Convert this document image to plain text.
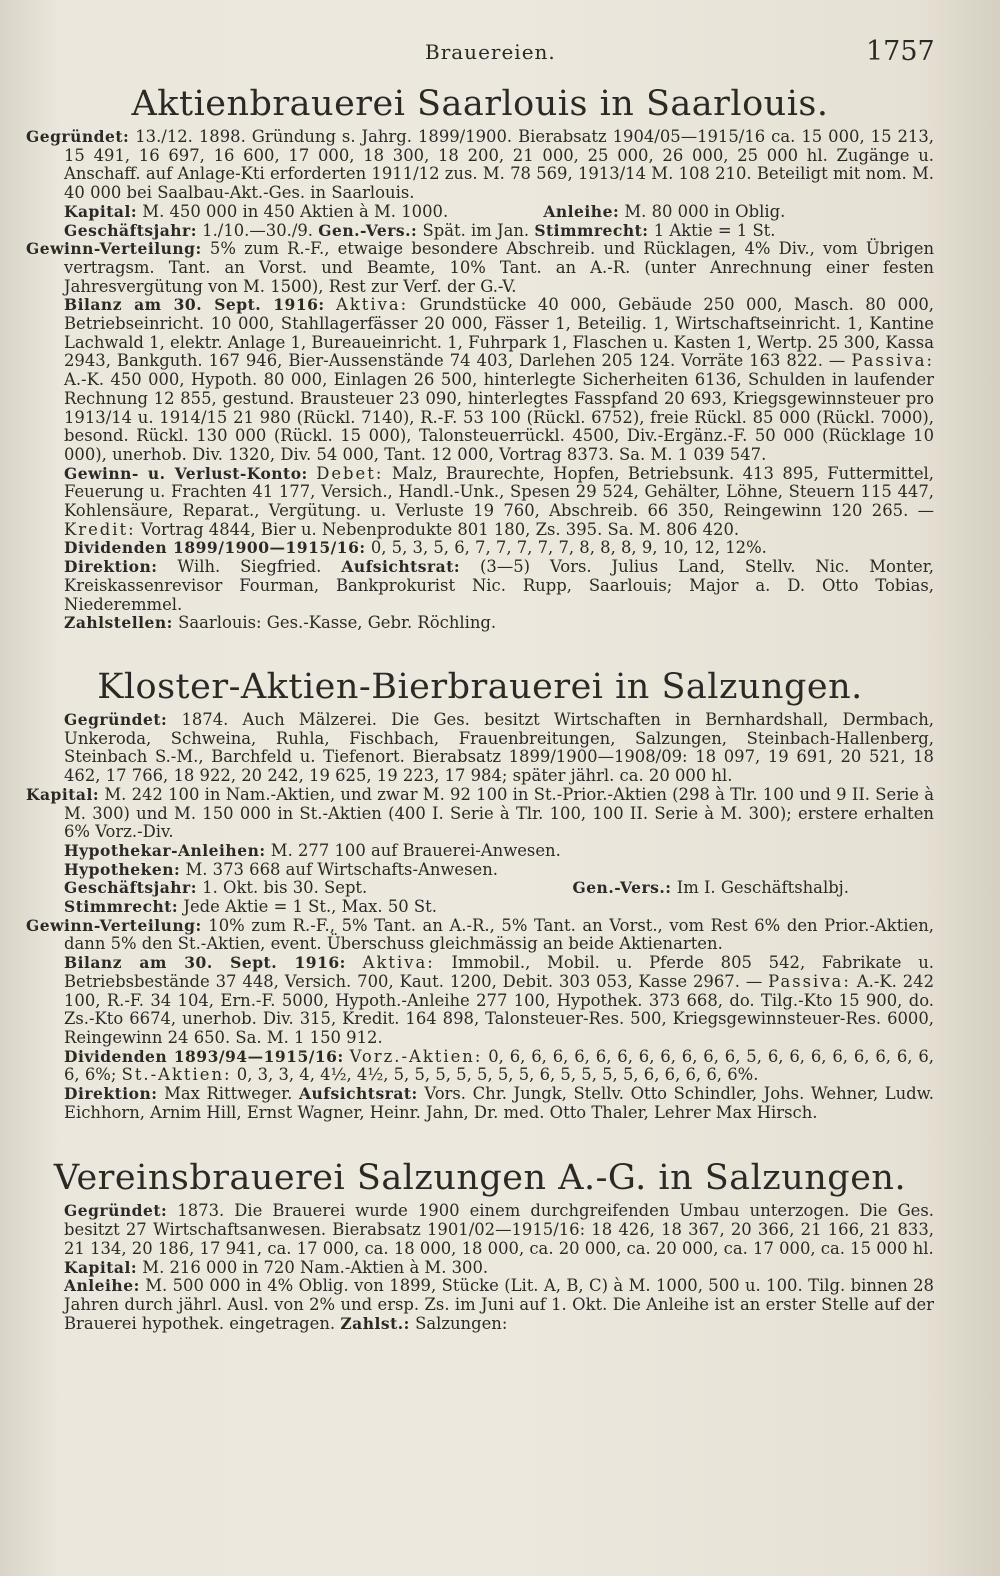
Brauereien.	1757
Aktienbrauerei Saarlouis in Saarlouis.

Gegründet: 13./12. 1898. Gründung s. Jahrg. 1899/1900. Bierabsatz 1904/05—1915/16 ca. 15 000, 15 213, 15 491, 16 697, 16 600, 17 000, 18 300, 18 200, 21 000, 25 000, 26 000, 25 000 hl. Zugänge u. Anschaff. auf Anlage-Kti erforderten 1911/12 zus. M. 78 569, 1913/14 M. 108 210. Beteiligt mit nom. M. 40 000 bei Saalbau-Akt.-Ges. in Saarlouis.

Kapital: M. 450 000 in 450 Aktien à M. 1000.	Anleihe: M. 80 000 in Oblig.

Geschäftsjahr: 1./10.—30./9. Gen.-Vers.: Spät. im Jan. Stimmrecht: 1 Aktie = 1 St.

Gewinn-Verteilung: 5% zum R.-F., etwaige besondere Abschreib. und Rücklagen, 4% Div., vom Übrigen vertragsm. Tant. an Vorst. und Beamte, 10% Tant. an A.-R. (unter Anrechnung einer festen Jahresvergütung von M. 1500), Rest zur Verf. der G.-V.

Bilanz am 30. Sept. 1916: Aktiva: Grundstücke 40 000, Gebäude 250 000, Masch. 80 000, Betriebseinricht. 10 000, Stahllagerfässer 20 000, Fässer 1, Beteilig. 1, Wirtschaftseinricht. 1, Kantine Lachwald 1, elektr. Anlage 1, Bureaueinricht. 1, Fuhrpark 1, Flaschen u. Kasten 1, Wertp. 25 300, Kassa 2943, Bankguth. 167 946, Bier-Aussenstände 74 403, Darlehen 205 124. Vorräte 163 822. — Passiva: A.-K. 450 000, Hypoth. 80 000, Einlagen 26 500, hinterlegte Sicherheiten 6136, Schulden in laufender Rechnung 12 855, gestund. Brausteuer 23 090, hinterlegtes Fasspfand 20 693, Kriegsgewinnsteuer pro 1913/14 u. 1914/15 21 980 (Rückl. 7140), R.-F. 53 100 (Rückl. 6752), freie Rückl. 85 000 (Rückl. 7000), besond. Rückl. 130 000 (Rückl. 15 000), Talonsteuerrückl. 4500, Div.-Ergänz.-F. 50 000 (Rücklage 10 000), unerhob. Div. 1320, Div. 54 000, Tant. 12 000, Vortrag 8373. Sa. M. 1 039 547.

Gewinn- u. Verlust-Konto: Debet: Malz, Braurechte, Hopfen, Betriebsunk. 413 895, Futtermittel, Feuerung u. Frachten 41 177, Versich., Handl.-Unk., Spesen 29 524, Gehälter, Löhne, Steuern 115 447, Kohlensäure, Reparat., Vergütung. u. Verluste 19 760, Abschreib. 66 350, Reingewinn 120 265. — Kredit: Vortrag 4844, Bier u. Nebenprodukte 801 180, Zs. 395. Sa. M. 806 420.

Dividenden 1899/1900—1915/16: 0, 5, 3, 5, 6, 7, 7, 7, 7, 7, 8, 8, 8, 9, 10, 12, 12%.

Direktion: Wilh. Siegfried. Aufsichtsrat: (3—5) Vors. Julius Land, Stellv. Nic. Monter, Kreiskassenrevisor Fourman, Bankprokurist Nic. Rupp, Saarlouis; Major a. D. Otto Tobias, Niederemmel.

Zahlstellen: Saarlouis: Ges.-Kasse, Gebr. Röchling.

Kloster-Aktien-Bierbrauerei in Salzungen.

Gegründet: 1874. Auch Mälzerei. Die Ges. besitzt Wirtschaften in Bernhardshall, Dermbach, Unkeroda, Schweina, Ruhla, Fischbach, Frauenbreitungen, Salzungen, Steinbach-Hallenberg, Steinbach S.-M., Barchfeld u. Tiefenort. Bierabsatz 1899/1900—1908/09: 18 097, 19 691, 20 521, 18 462, 17 766, 18 922, 20 242, 19 625, 19 223, 17 984; später jährl. ca. 20 000 hl.

Kapital: M. 242 100 in Nam.-Aktien, und zwar M. 92 100 in St.-Prior.-Aktien (298 à Tlr. 100 und 9 II. Serie à M. 300) und M. 150 000 in St.-Aktien (400 I. Serie à Tlr. 100, 100 II. Serie à M. 300); erstere erhalten 6% Vorz.-Div.

Hypothekar-Anleihen: M. 277 100 auf Brauerei-Anwesen.

Hypotheken: M. 373 668 auf Wirtschafts-Anwesen.

Geschäftsjahr: 1. Okt. bis 30. Sept.	Gen.-Vers.: Im I. Geschäftshalbj.

Stimmrecht: Jede Aktie = 1 St., Max. 50 St.

Gewinn-Verteilung: 10% zum R.-F., 5% Tant. an A.-R., 5% Tant. an Vorst., vom Rest 6% den Prior.-Aktien, dann 5% den St.-Aktien, event. Überschuss gleichmässig an beide Aktienarten.

Bilanz am 30. Sept. 1916: Aktiva: Immobil., Mobil. u. Pferde 805 542, Fabrikate u. Betriebsbestände 37 448, Versich. 700, Kaut. 1200, Debit. 303 053, Kasse 2967. — Passiva: A.-K. 242 100, R.-F. 34 104, Ern.-F. 5000, Hypoth.-Anleihe 277 100, Hypothek. 373 668, do. Tilg.-Kto 15 900, do. Zs.-Kto 6674, unerhob. Div. 315, Kredit. 164 898, Talonsteuer-Res. 500, Kriegsgewinnsteuer-Res. 6000, Reingewinn 24 650. Sa. M. 1 150 912.

Dividenden 1893/94—1915/16: Vorz.-Aktien: 0, 6, 6, 6, 6, 6, 6, 6, 6, 6, 6, 6, 5, 6, 6, 6, 6, 6, 6, 6, 6, 6, 6%; St.-Aktien: 0, 3, 3, 4, 4½, 4½, 5, 5, 5, 5, 5, 5, 5, 6, 5, 5, 5, 5, 6, 6, 6, 6, 6%.

Direktion: Max Rittweger. Aufsichtsrat: Vors. Chr. Jungk, Stellv. Otto Schindler, Johs. Wehner, Ludw. Eichhorn, Arnim Hill, Ernst Wagner, Heinr. Jahn, Dr. med. Otto Thaler, Lehrer Max Hirsch.

Vereinsbrauerei Salzungen A.-G. in Salzungen.

Gegründet: 1873. Die Brauerei wurde 1900 einem durchgreifenden Umbau unterzogen. Die Ges. besitzt 27 Wirtschaftsanwesen. Bierabsatz 1901/02—1915/16: 18 426, 18 367, 20 366, 21 166, 21 833, 21 134, 20 186, 17 941, ca. 17 000, ca. 18 000, 18 000, ca. 20 000, ca. 20 000, ca. 17 000, ca. 15 000 hl.

Kapital: M. 216 000 in 720 Nam.-Aktien à M. 300.

Anleihe: M. 500 000 in 4% Oblig. von 1899, Stücke (Lit. A, B, C) à M. 1000, 500 u. 100. Tilg. binnen 28 Jahren durch jährl. Ausl. von 2% und ersp. Zs. im Juni auf 1. Okt. Die Anleihe ist an erster Stelle auf der Brauerei hypothek. eingetragen. Zahlst.: Salzungen:
